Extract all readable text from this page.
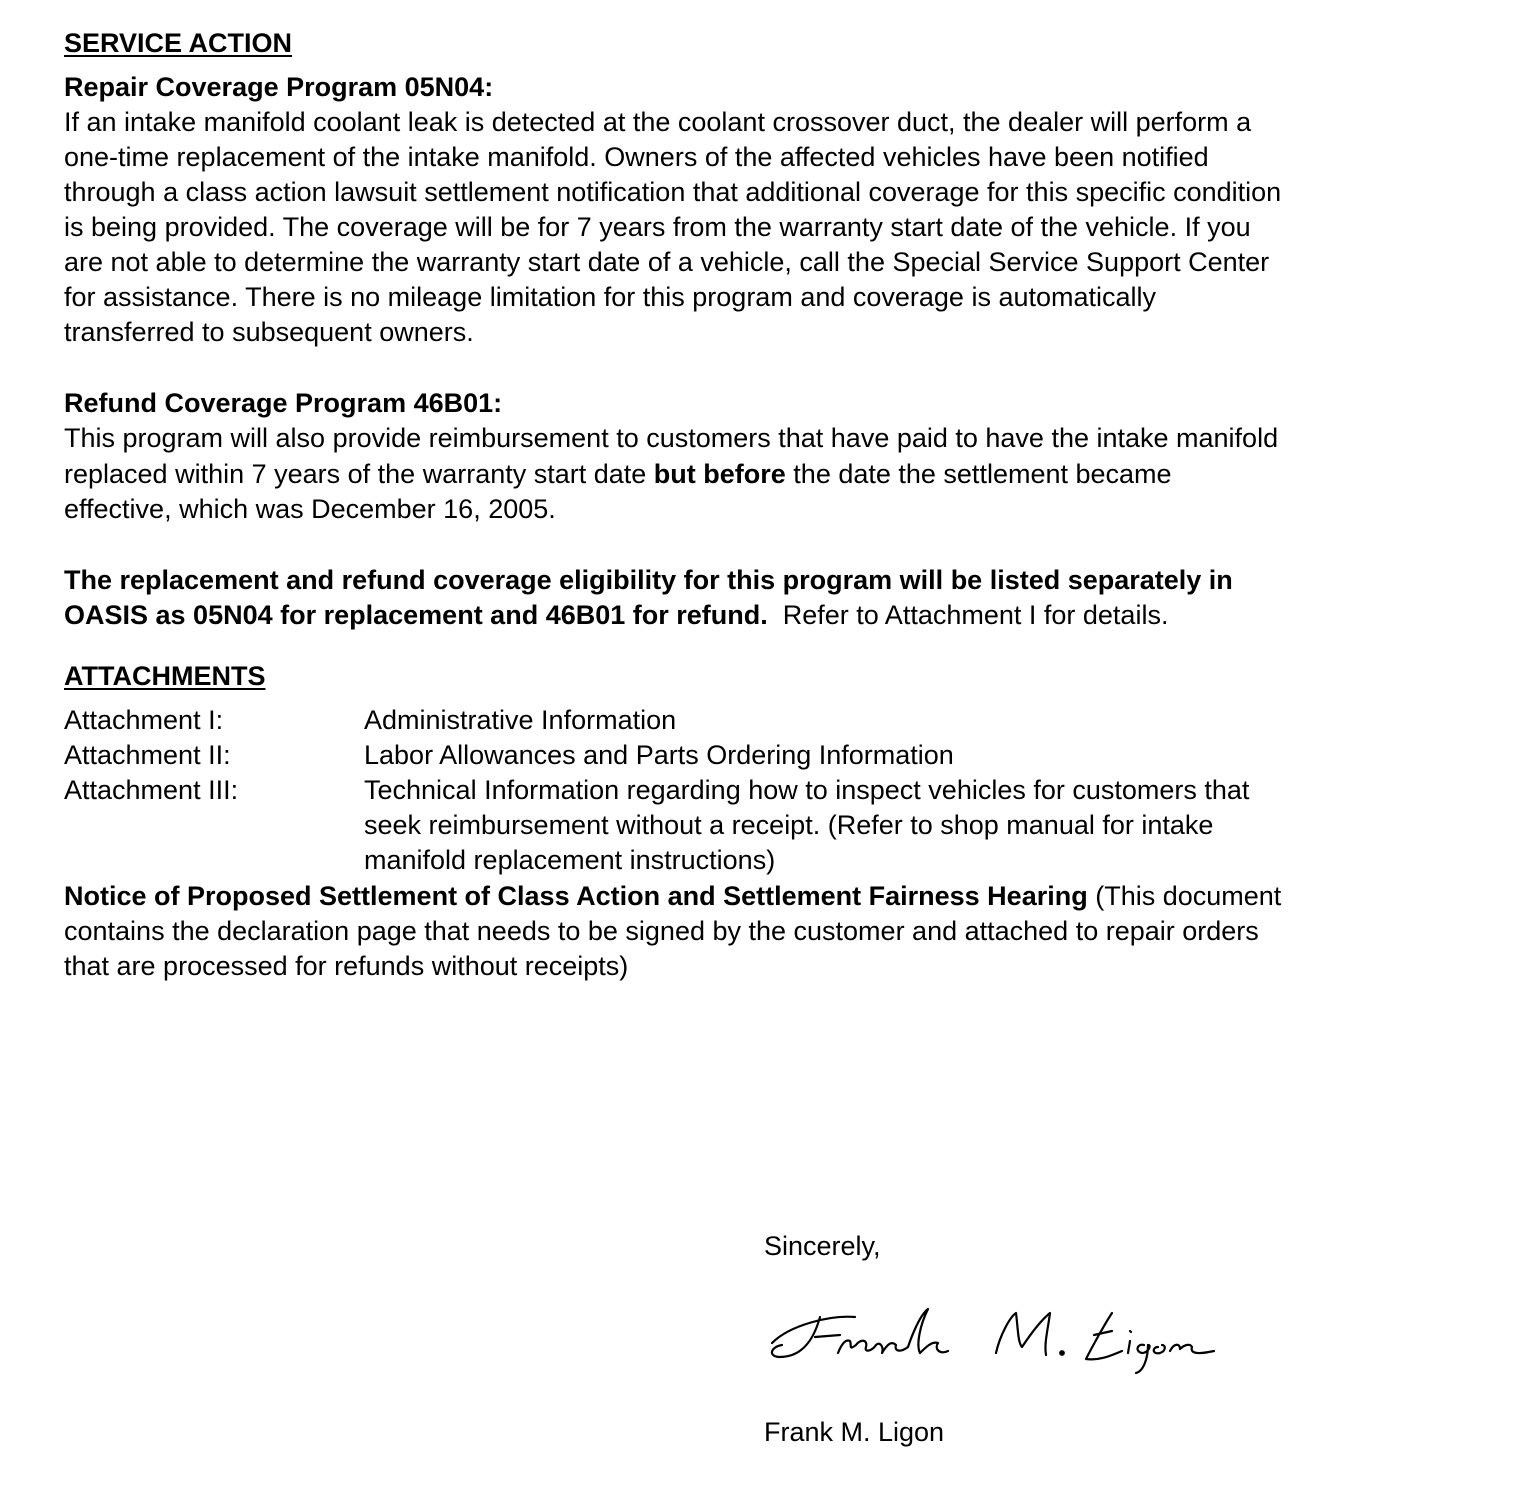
SERVICE ACTION
Repair Coverage Program 05N04:
If an intake manifold coolant leak is detected at the coolant crossover duct, the dealer will perform a
one-time replacement of the intake manifold. Owners of the affected vehicles have been notified
through a class action lawsuit settlement notification that additional coverage for this specific condition
is being provided. The coverage will be for 7 years from the warranty start date of the vehicle. If you
are not able to determine the warranty start date of a vehicle, call the Special Service Support Center
for assistance. There is no mileage limitation for this program and coverage is automatically
transferred to subsequent owners.
Refund Coverage Program 46B01:
This program will also provide reimbursement to customers that have paid to have the intake manifold
replaced within 7 years of the warranty start date but before the date the settlement became
effective, which was December 16, 2005.
The replacement and refund coverage eligibility for this program will be listed separately in
OASIS as 05N04 for replacement and 46B01 for refund.  Refer to Attachment I for details.
ATTACHMENTS
Attachment I:	Administrative Information
Attachment II:	Labor Allowances and Parts Ordering Information
Attachment III:	Technical Information regarding how to inspect vehicles for customers that
seek reimbursement without a receipt. (Refer to shop manual for intake
manifold replacement instructions)
Notice of Proposed Settlement of Class Action and Settlement Fairness Hearing (This document
contains the declaration page that needs to be signed by the customer and attached to repair orders
that are processed for refunds without receipts)
Sincerely,
Frank M. Ligon
